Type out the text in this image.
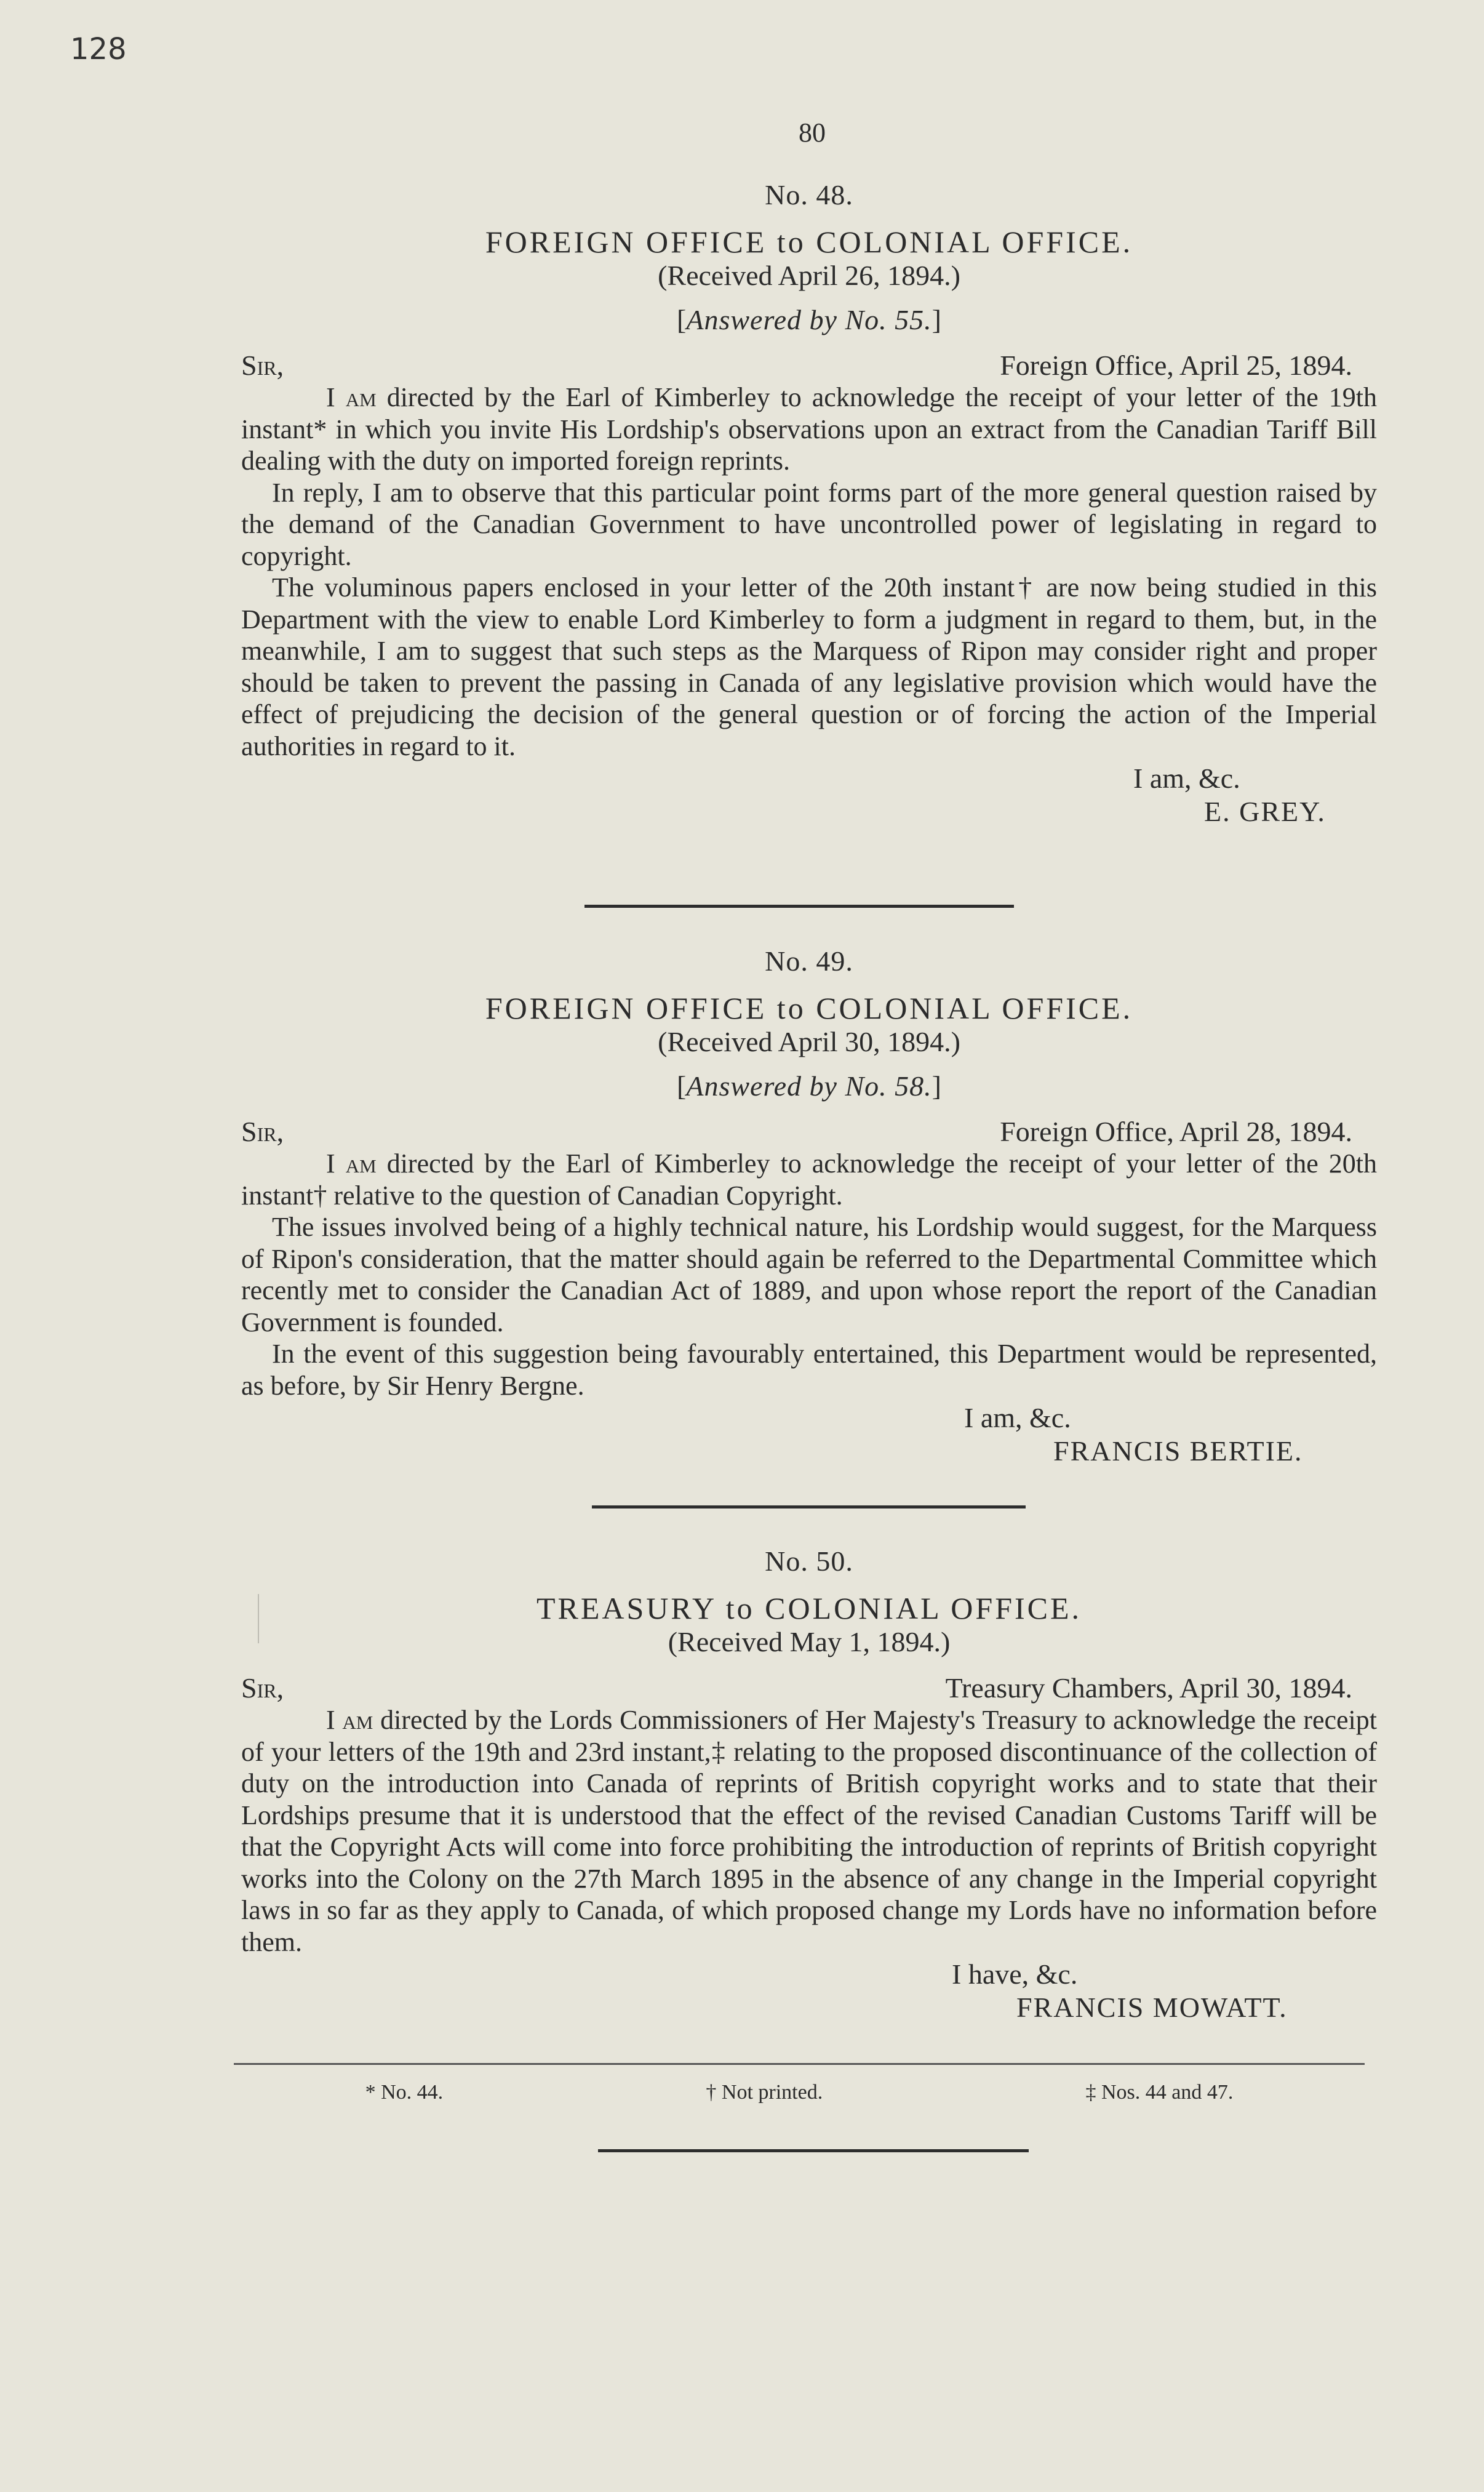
128
80
No. 48.
FOREIGN OFFICE to COLONIAL OFFICE.
(Received April 26, 1894.)
[Answered by No. 55.]
Sir,	Foreign Office, April 25, 1894.

I am directed by the Earl of Kimberley to acknowledge the receipt of your letter of the 19th instant* in which you invite His Lordship's observations upon an extract from the Canadian Tariff Bill dealing with the duty on imported foreign reprints.

In reply, I am to observe that this particular point forms part of the more general question raised by the demand of the Canadian Government to have uncontrolled power of legislating in regard to copyright.

The voluminous papers enclosed in your letter of the 20th instant† are now being studied in this Department with the view to enable Lord Kimberley to form a judgment in regard to them, but, in the meanwhile, I am to suggest that such steps as the Marquess of Ripon may consider right and proper should be taken to prevent the passing in Canada of any legislative provision which would have the effect of prejudicing the decision of the general question or of forcing the action of the Imperial authorities in regard to it.

I am, &c.
E. GREY.
No. 49.
FOREIGN OFFICE to COLONIAL OFFICE.
(Received April 30, 1894.)
[Answered by No. 58.]
Sir,	Foreign Office, April 28, 1894.

I am directed by the Earl of Kimberley to acknowledge the receipt of your letter of the 20th instant† relative to the question of Canadian Copyright.

The issues involved being of a highly technical nature, his Lordship would suggest, for the Marquess of Ripon's consideration, that the matter should again be referred to the Departmental Committee which recently met to consider the Canadian Act of 1889, and upon whose report the report of the Canadian Government is founded.

In the event of this suggestion being favourably entertained, this Department would be represented, as before, by Sir Henry Bergne.

I am, &c.
FRANCIS BERTIE.
No. 50.
TREASURY to COLONIAL OFFICE.
(Received May 1, 1894.)
Sir,	Treasury Chambers, April 30, 1894.

I am directed by the Lords Commissioners of Her Majesty's Treasury to acknowledge the receipt of your letters of the 19th and 23rd instant,‡ relating to the proposed discontinuance of the collection of duty on the introduction into Canada of reprints of British copyright works and to state that their Lordships presume that it is understood that the effect of the revised Canadian Customs Tariff will be that the Copyright Acts will come into force prohibiting the introduction of reprints of British copyright works into the Colony on the 27th March 1895 in the absence of any change in the Imperial copyright laws in so far as they apply to Canada, of which proposed change my Lords have no information before them.

I have, &c.
FRANCIS MOWATT.
* No. 44.	† Not printed.	‡ Nos. 44 and 47.
